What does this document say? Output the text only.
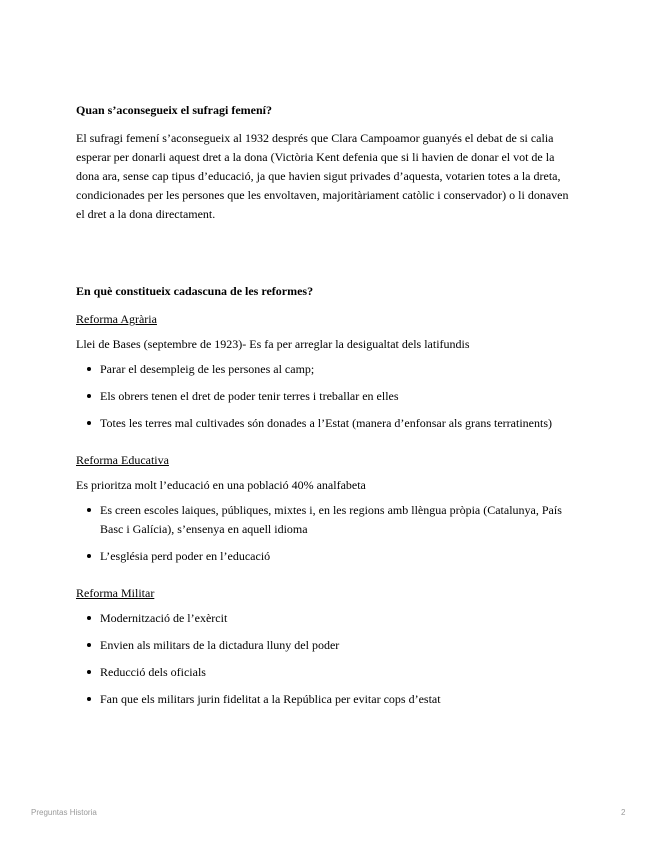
Quan s’aconsegueix el sufragi femení?

El sufragi femení s’aconsegueix al 1932 després que Clara Campoamor guanyés el debat de si calia esperar per donarli aquest dret a la dona (Victòria Kent defenia que si li havien de donar el vot de la dona ara, sense cap tipus d’educació, ja que havien sigut privades d’aquesta, votarien totes a la dreta, condicionades per les persones que les envoltaven, majoritàriament catòlic i conservador) o li donaven el dret a la dona directament.

En què constitueix cadascuna de les reformes?

Reforma Agrària

Llei de Bases (septembre de 1923)- Es fa per arreglar la desigualtat dels latifundis

Parar el desempleig de les persones al camp;
Els obrers tenen el dret de poder tenir terres i treballar en elles
Totes les terres mal cultivades són donades a l’Estat (manera d’enfonsar als grans terratinents)

Reforma Educativa

Es prioritza molt l’educació en una població 40% analfabeta

Es creen escoles laiques, públiques, mixtes i, en les regions amb llèngua pròpia (Catalunya, País Basc i Galícia), s’ensenya en aquell idioma
L’església perd poder en l’educació

Reforma Militar

Modernització de l’exèrcit
Envien als militars de la dictadura lluny del poder
Reducció dels oficials
Fan que els militars jurin fidelitat a la República per evitar cops d’estat
Preguntas Historia	2
